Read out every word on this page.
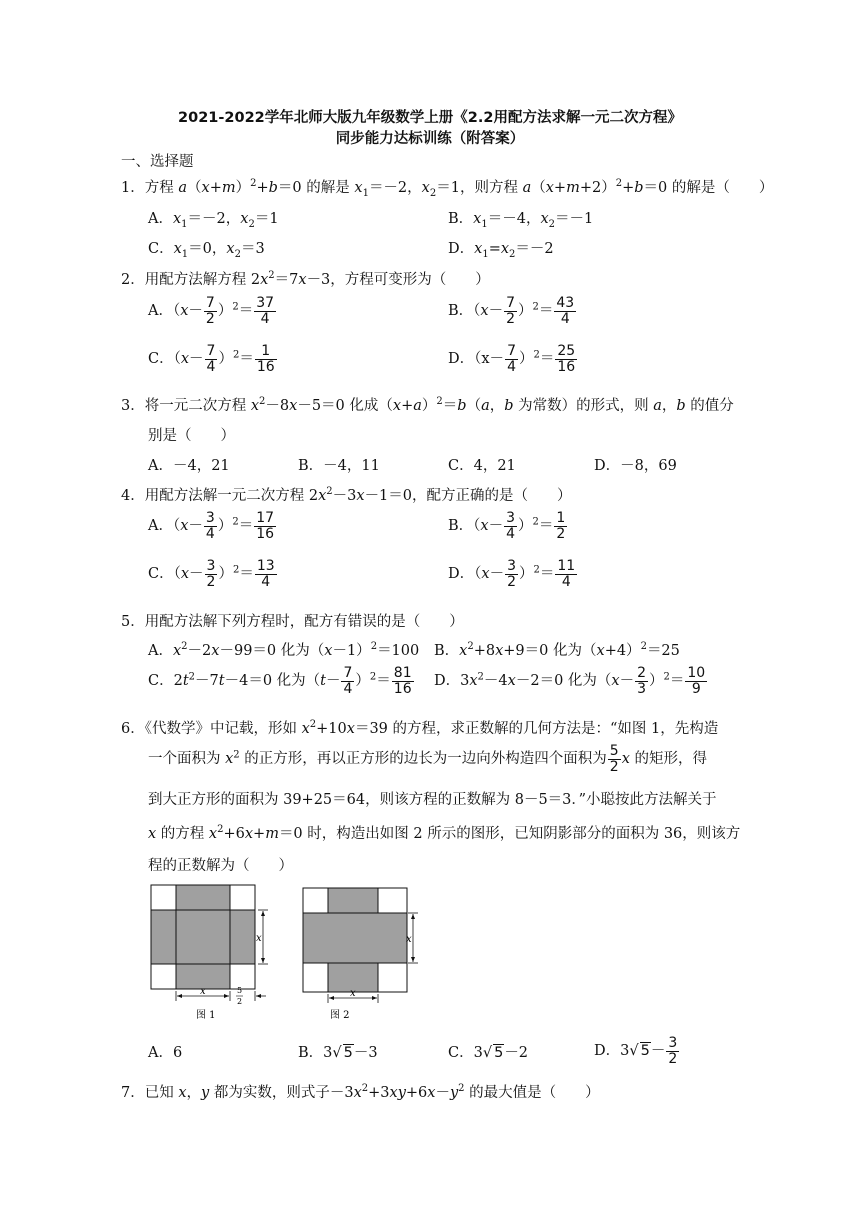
2021-2022学年北师大版九年级数学上册《2.2用配方法求解一元二次方程》
同步能力达标训练（附答案）
一、选择题
1．方程 $a(x+m)^2+b=0$ 的解是 $x_1=-2$，$x_2=1$，则方程 $a(x+m+2)^2+b=0$ 的解是（　　）
A．$x_1=-2$，$x_2=1$	B．$x_1=-4$，$x_2=-1$
C．$x_1=0$，$x_2=3$	D．$x_1=x_2=-2$
2．用配方法解方程 $2x^2=7x-3$，方程可变形为（　　）
A．$(x- \frac{7}{2} )^2= \frac{37}{4}$	B．$(x- \frac{7}{2} )^2= \frac{43}{4}$
C．$(x- \frac{7}{4} )^2= \frac{1}{16}$	D．$(x- \frac{7}{4} )^2= \frac{25}{16}$
3．将一元二次方程 $x^2-8x-5=0$ 化成$(x+a)^2=b(a$，b 为常数）的形式，则 a，b 的值分
别是（　　）
A．－4，21	B．－4，11	C．4，21	D．－8，69
4．用配方法解一元二次方程 $2x^2-3x-1=0$，配方正确的是（　　）
A．$(x- \frac{3}{4} )^2= \frac{17}{16}$	B．$(x- \frac{3}{4} )^2= \frac{1}{2}$
C．$(x- \frac{3}{2} )^2= \frac{13}{4}$	D．$(x- \frac{3}{2} )^2= \frac{11}{4}$
5．用配方法解下列方程时，配方有错误的是（　　）
A．$x^2-2x-99=0$ 化为$(x-1)^2=100$ B．$x^2+8x+9=0$ 化为$(x+4)^2=25$
C．$2t^2-7t-4=0$ 化为$(t- \frac{7}{4} )^2= \frac{81}{16}$ D．$3x^2-4x-2=0$ 化为$(x- \frac{2}{3} )^2= \frac{10}{9}$
6．《代数学》中记载，形如 $x^2+10x=39$ 的方程，求正数解的几何方法是：“如图 1，先构造
一个面积为 $x^2$ 的正方形，再以正方形的边长为一边向外构造四个面积为 $\frac{5}{2}$ x 的矩形，得
到大正方形的面积为 39+25＝64，则该方程的正数解为 8－5＝3．”小聪按此方法解关于
x 的方程 $x^2+6x+m=0$ 时，构造出如图 2 所示的图形，已知阴影部分的面积为 36，则该方
程的正数解为（　　）
x
x	5
2
图 1
x
x
图 2
A．6	B．3√ 5－3	C．3√ 5－2	D．3√ $5- \frac{3}{2}$
7．已知 x，y 都为实数，则式子$-3x^2+3xy+6x-y^2$ 的最大值是（　　）
